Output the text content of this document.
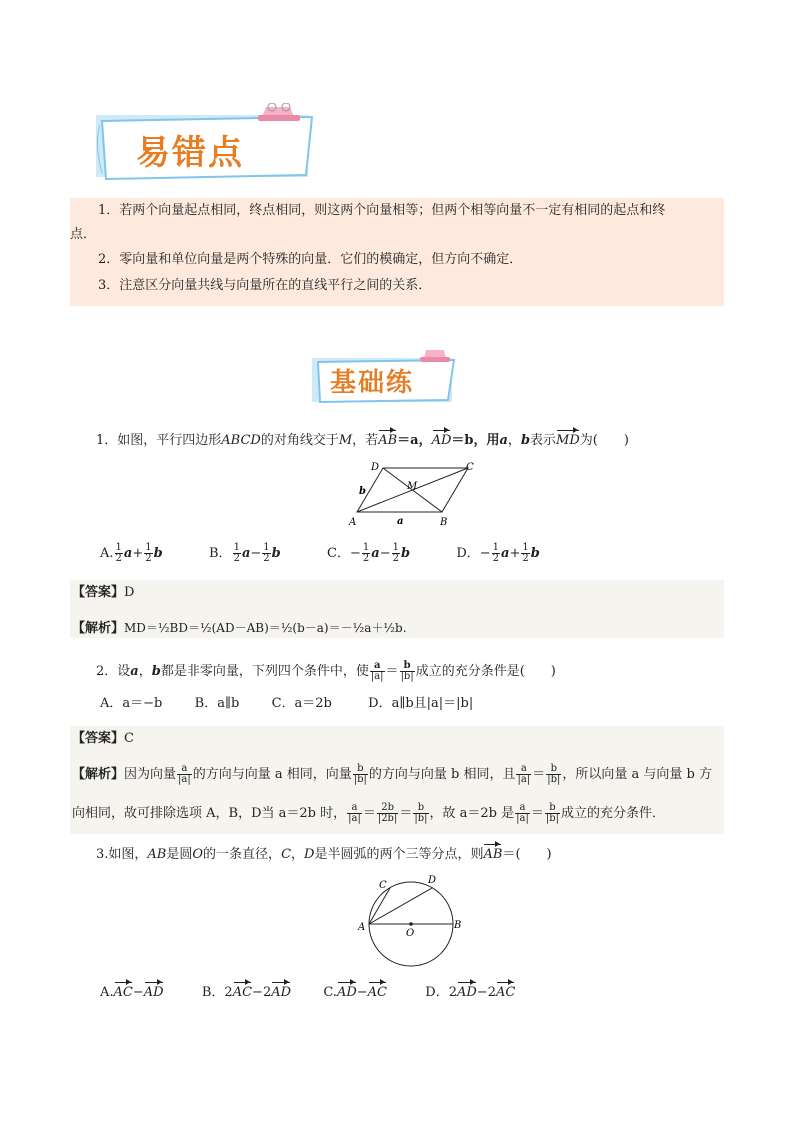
易错点

1．若两个向量起点相同，终点相同，则这两个向量相等；但两个相等向量不一定有相同的起点和终

点．

2．零向量和单位向量是两个特殊的向量．它们的模确定，但方向不确定．

3．注意区分向量共线与向量所在的直线平行之间的关系．

基础练
1．如图，平行四边形ABCD的对角线交于M，若AB＝a，AD＝b，用a，b表示MD为(　　)
D	C
M
b
A	a	B
A. $\frac{1}{2} a+ \frac{1}{2}$ b	B． $\frac{1}{2} a- \frac{1}{2}$ b	C．− $\frac{1}{2} a- \frac{1}{2}$ b	D．− $\frac{1}{2} a+ \frac{1}{2}$ b
【答案】D
【解析】MD＝½BD＝½(AD－AB)＝½(b－a)＝－½a＋½b.
2．设a，b都是非零向量，下列四个条件中，使 $\frac{a}{|a|} = \frac{b}{|b|}$ 成立的充分条件是(　　)
A．a＝−b B．a∥b C．a＝2b	D．a∥b且|a|＝|b|
【答案】C
【解析】因为向量 $\frac{a}{|a|}$ 的方向与向量 a 相同，向量 $\frac{b}{|b|}$ 的方向与向量 b 相同，且 $\frac{a}{|a|} = \frac{b}{|b|}$ ，所以向量 a 与向量 b 方
向相同，故可排除选项 A，B，D当 a＝2b 时， $\frac{a}{|a|} = \frac{2b}{|2b|} = \frac{b}{|b|}$ ，故 a＝2b 是 $\frac{a}{|a|} = \frac{b}{|b|}$ 成立的充分条件．
3.如图，AB是圆O的一条直径，C，D是半圆弧的两个三等分点，则AB＝(　　)
C	D
A
O
B
A.AC−AD	B．2AC−2AD C.AD−AC	D．2AD−2AC
